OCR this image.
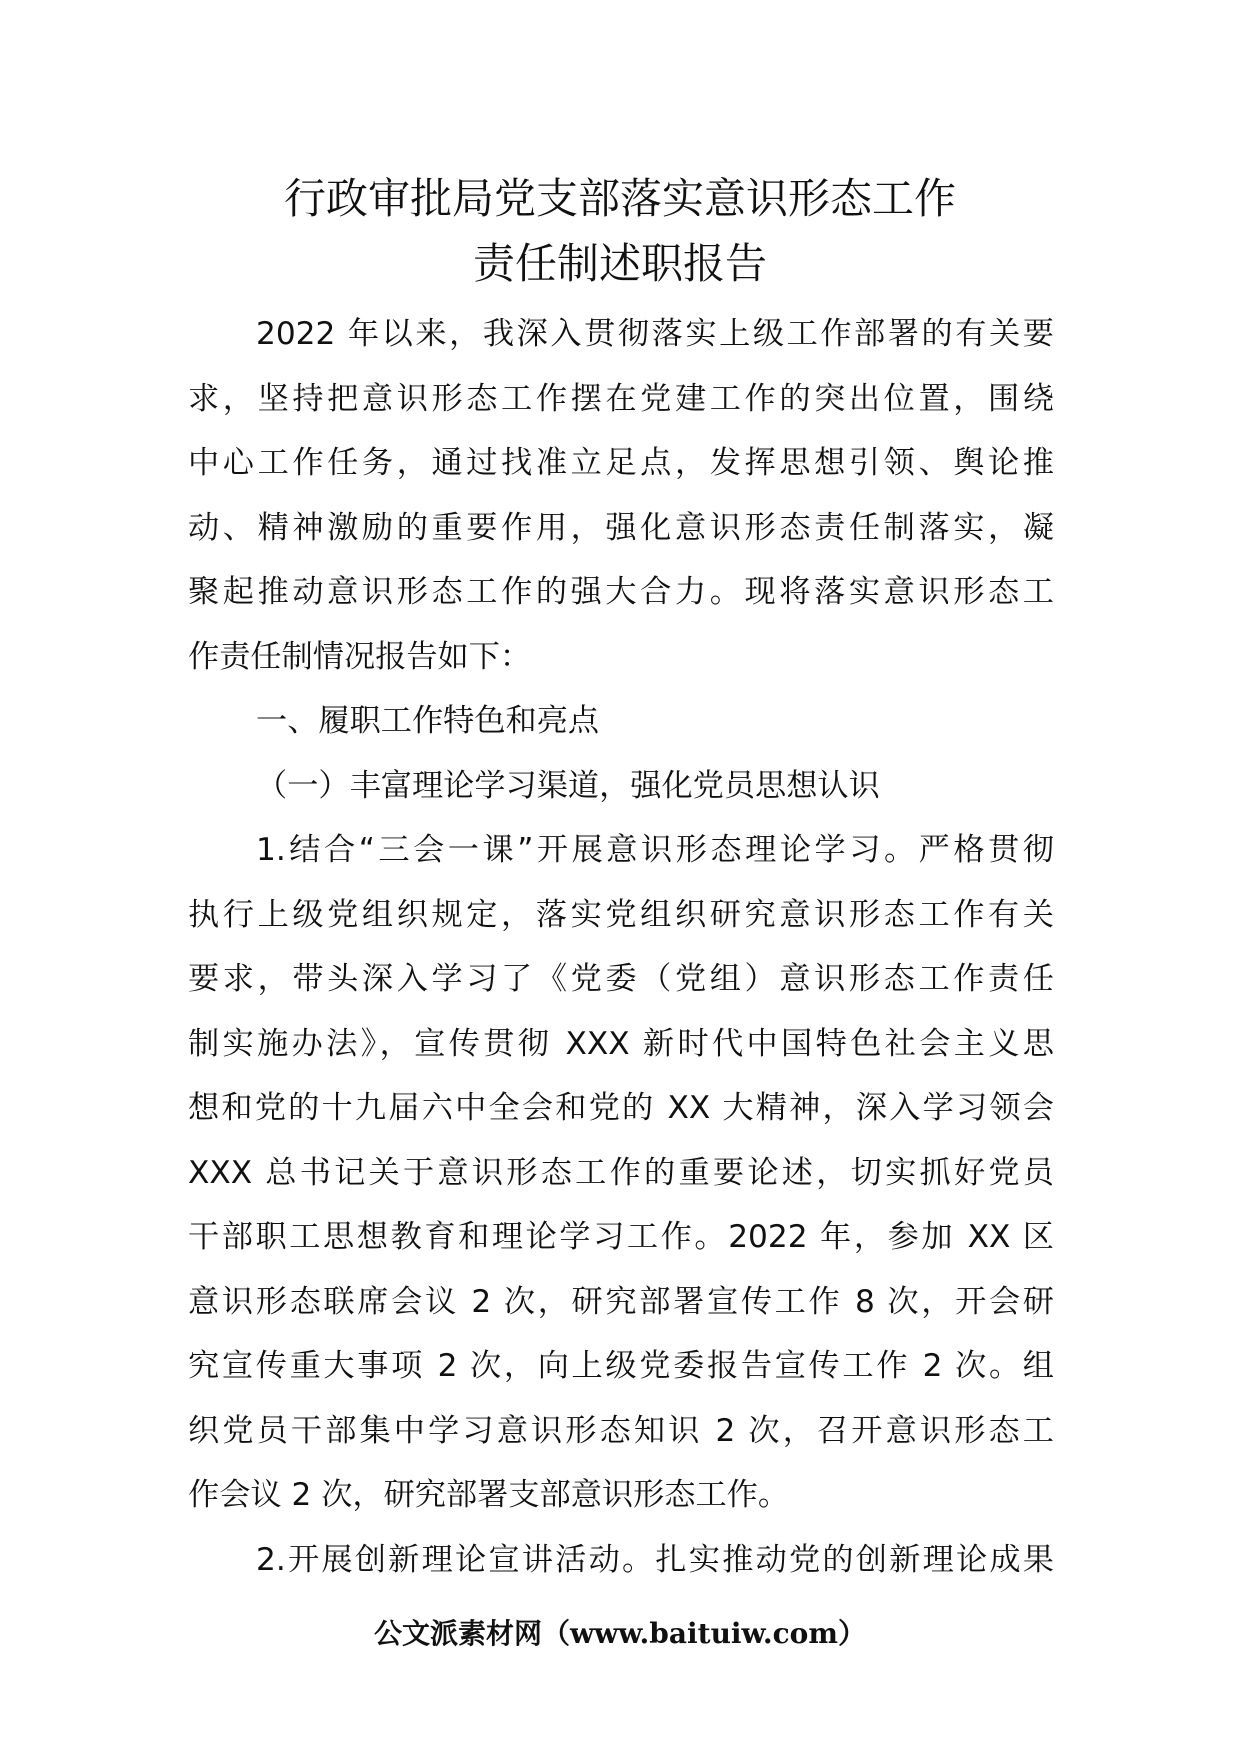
行政审批局党支部落实意识形态工作
责任制述职报告
2022 年以来，我深入贯彻落实上级工作部署的有关要
求，坚持把意识形态工作摆在党建工作的突出位置，围绕
中心工作任务，通过找准立足点，发挥思想引领、舆论推
动、精神激励的重要作用，强化意识形态责任制落实，凝
聚起推动意识形态工作的强大合力。现将落实意识形态工
作责任制情况报告如下：
一、履职工作特色和亮点
（一）丰富理论学习渠道，强化党员思想认识
1.结合“三会一课”开展意识形态理论学习。严格贯彻
执行上级党组织规定，落实党组织研究意识形态工作有关
要求，带头深入学习了《党委（党组）意识形态工作责任
制实施办法》，宣传贯彻 XXX 新时代中国特色社会主义思
想和党的十九届六中全会和党的 XX 大精神，深入学习领会
XXX 总书记关于意识形态工作的重要论述，切实抓好党员
干部职工思想教育和理论学习工作。2022 年，参加 XX 区
意识形态联席会议 2 次，研究部署宣传工作 8 次，开会研
究宣传重大事项 2 次，向上级党委报告宣传工作 2 次。组
织党员干部集中学习意识形态知识 2 次，召开意识形态工
作会议 2 次，研究部署支部意识形态工作。
2.开展创新理论宣讲活动。扎实推动党的创新理论成果
公文派素材网（www.baituiw.com）
